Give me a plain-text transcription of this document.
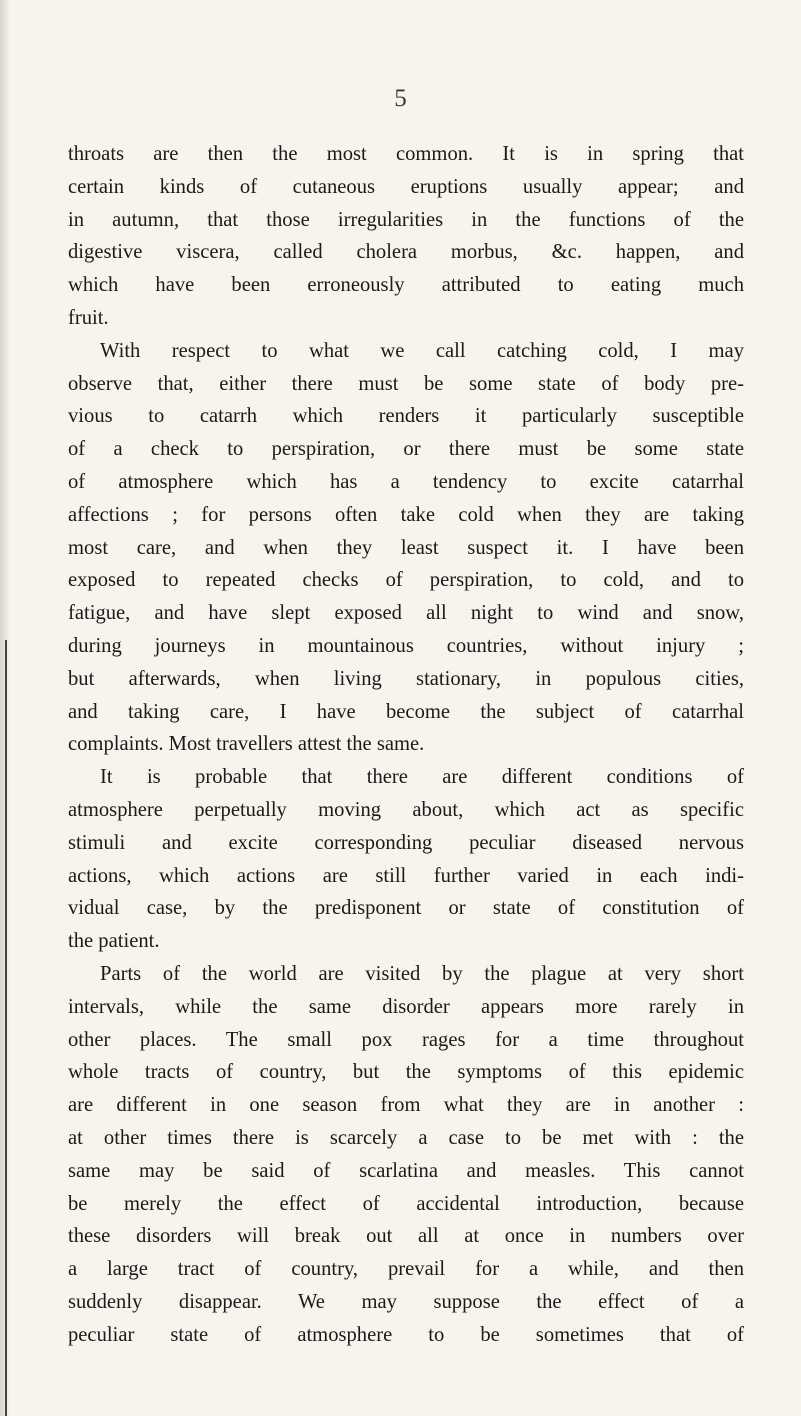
5
throats are then the most common. It is in spring that
certain kinds of cutaneous eruptions usually appear; and
in autumn, that those irregularities in the functions of the
digestive viscera, called cholera morbus, &c. happen, and
which have been erroneously attributed to eating much
fruit.
With respect to what we call catching cold, I may
observe that, either there must be some state of body pre-
vious to catarrh which renders it particularly susceptible
of a check to perspiration, or there must be some state
of atmosphere which has a tendency to excite catarrhal
affections ; for persons often take cold when they are taking
most care, and when they least suspect it. I have been
exposed to repeated checks of perspiration, to cold, and to
fatigue, and have slept exposed all night to wind and snow,
during journeys in mountainous countries, without injury ;
but afterwards, when living stationary, in populous cities,
and taking care, I have become the subject of catarrhal
complaints. Most travellers attest the same.
It is probable that there are different conditions of
atmosphere perpetually moving about, which act as specific
stimuli and excite corresponding peculiar diseased nervous
actions, which actions are still further varied in each indi-
vidual case, by the predisponent or state of constitution of
the patient.
Parts of the world are visited by the plague at very short
intervals, while the same disorder appears more rarely in
other places. The small pox rages for a time throughout
whole tracts of country, but the symptoms of this epidemic
are different in one season from what they are in another :
at other times there is scarcely a case to be met with : the
same may be said of scarlatina and measles. This cannot
be merely the effect of accidental introduction, because
these disorders will break out all at once in numbers over
a large tract of country, prevail for a while, and then
suddenly disappear. We may suppose the effect of a
peculiar state of atmosphere to be sometimes that of
